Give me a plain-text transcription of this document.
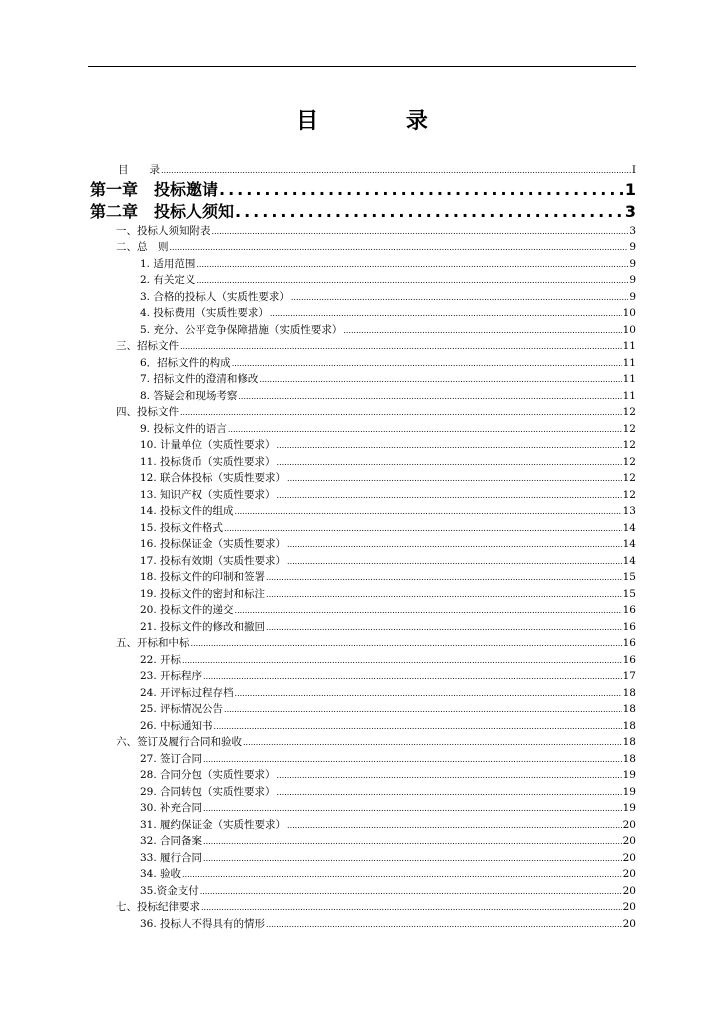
目 录
目　　录 .....	I
第一章　投标邀请 .....	1
第二章　投标人须知 .....	3
一、投标人须知附表 .....	3
二、总　则 .....	9
1. 适用范围 .....	9
2. 有关定义 .....	9
3. 合格的投标人（实质性要求） .....	9
4. 投标费用（实质性要求） .....	10
5. 充分、公平竞争保障措施（实质性要求） .....	10
三、招标文件 .....	11
6．招标文件的构成 .....	11
7. 招标文件的澄清和修改 .....	11
8. 答疑会和现场考察 .....	11
四、投标文件 .....	12
9. 投标文件的语言 .....	12
10. 计量单位（实质性要求） .....	12
11. 投标货币（实质性要求） .....	12
12. 联合体投标（实质性要求） .....	12
13. 知识产权（实质性要求） .....	12
14. 投标文件的组成 .....	13
15. 投标文件格式 .....	14
16. 投标保证金（实质性要求） .....	14
17. 投标有效期（实质性要求） .....	14
18. 投标文件的印制和签署 .....	15
19. 投标文件的密封和标注 .....	15
20. 投标文件的递交 .....	16
21. 投标文件的修改和撤回 .....	16
五、开标和中标 .....	16
22. 开标 .....	16
23. 开标程序 .....	17
24. 开评标过程存档 .....	18
25. 评标情况公告 .....	18
26. 中标通知书 .....	18
六、签订及履行合同和验收 .....	18
27. 签订合同 .....	18
28. 合同分包（实质性要求） .....	19
29. 合同转包（实质性要求） .....	19
30. 补充合同 .....	19
31. 履约保证金（实质性要求） .....	20
32. 合同备案 .....	20
33. 履行合同 .....	20
34. 验收 .....	20
35.资金支付 .....	20
七、投标纪律要求 .....	20
36. 投标人不得具有的情形 .....	20
